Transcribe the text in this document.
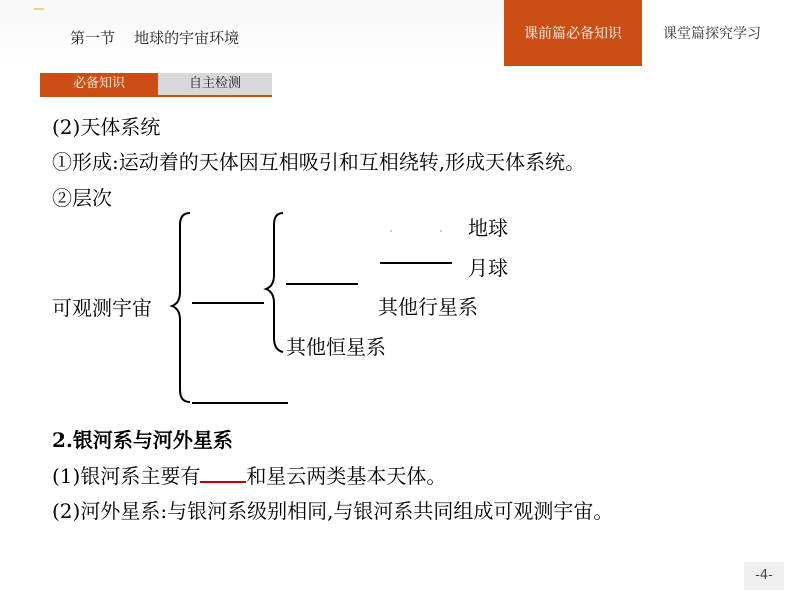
第一节    地球的宇宙环境	课前篇必备知识	课堂篇探究学习
必备知识	自主检测
(2)天体系统
①形成:运动着的天体因互相吸引和互相绕转,形成天体系统。
②层次
地球
月球
其他行星系
可观测宇宙
其他恒星系
2.银河系与河外星系
(1)银河系主要有 和星云两类基本天体。
(2)河外星系:与银河系级别相同,与银河系共同组成可观测宇宙。
-4-
